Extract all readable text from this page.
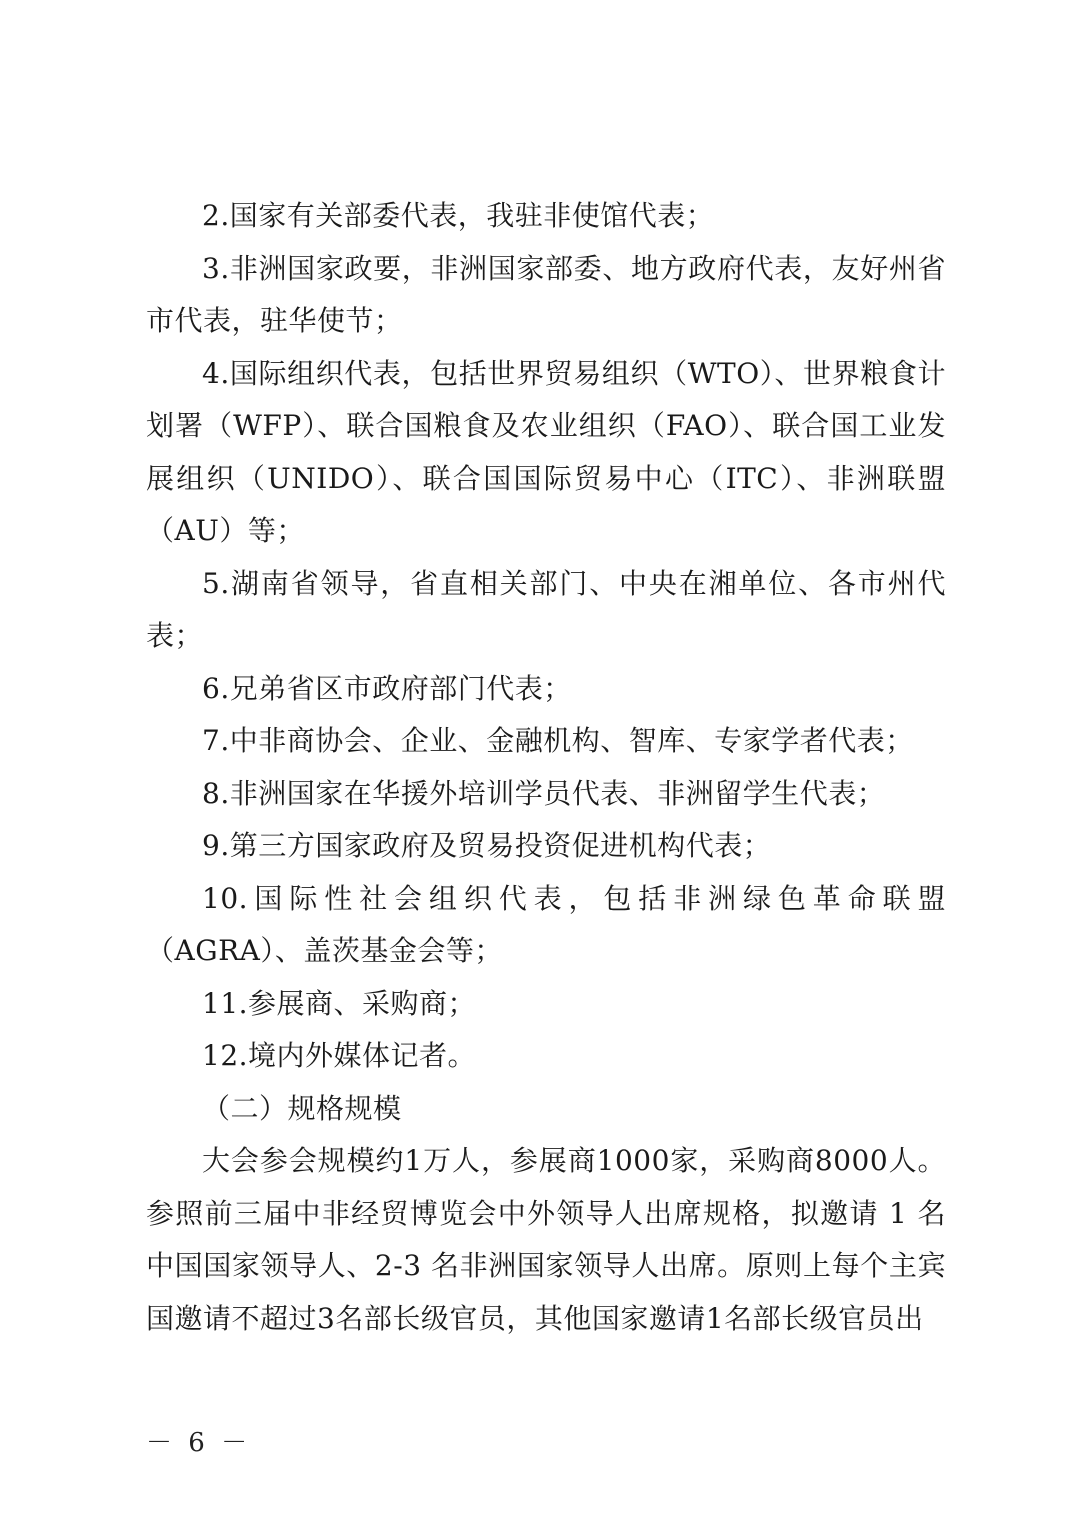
2.国家有关部委代表，我驻非使馆代表；

3.非洲国家政要，非洲国家部委、地方政府代表，友好州省市代表，驻华使节；

4.国际组织代表，包括世界贸易组织（WTO）、世界粮食计划署（WFP）、联合国粮食及农业组织（FAO）、联合国工业发展组织（UNIDO）、联合国国际贸易中心（ITC）、非洲联盟（AU）等；

5.湖南省领导，省直相关部门、中央在湘单位、各市州代表；

6.兄弟省区市政府部门代表；

7.中非商协会、企业、金融机构、智库、专家学者代表；

8.非洲国家在华援外培训学员代表、非洲留学生代表；

9.第三方国家政府及贸易投资促进机构代表；

10.国际性社会组织代表，包括非洲绿色革命联盟（AGRA）、盖茨基金会等；

11.参展商、采购商；

12.境内外媒体记者。

（二）规格规模

大会参会规模约1万人，参展商1000家，采购商8000人。参照前三届中非经贸博览会中外领导人出席规格，拟邀请 1 名中国国家领导人、2-3 名非洲国家领导人出席。原则上每个主宾国邀请不超过3名部长级官员，其他国家邀请1名部长级官员出

－ 6 －
